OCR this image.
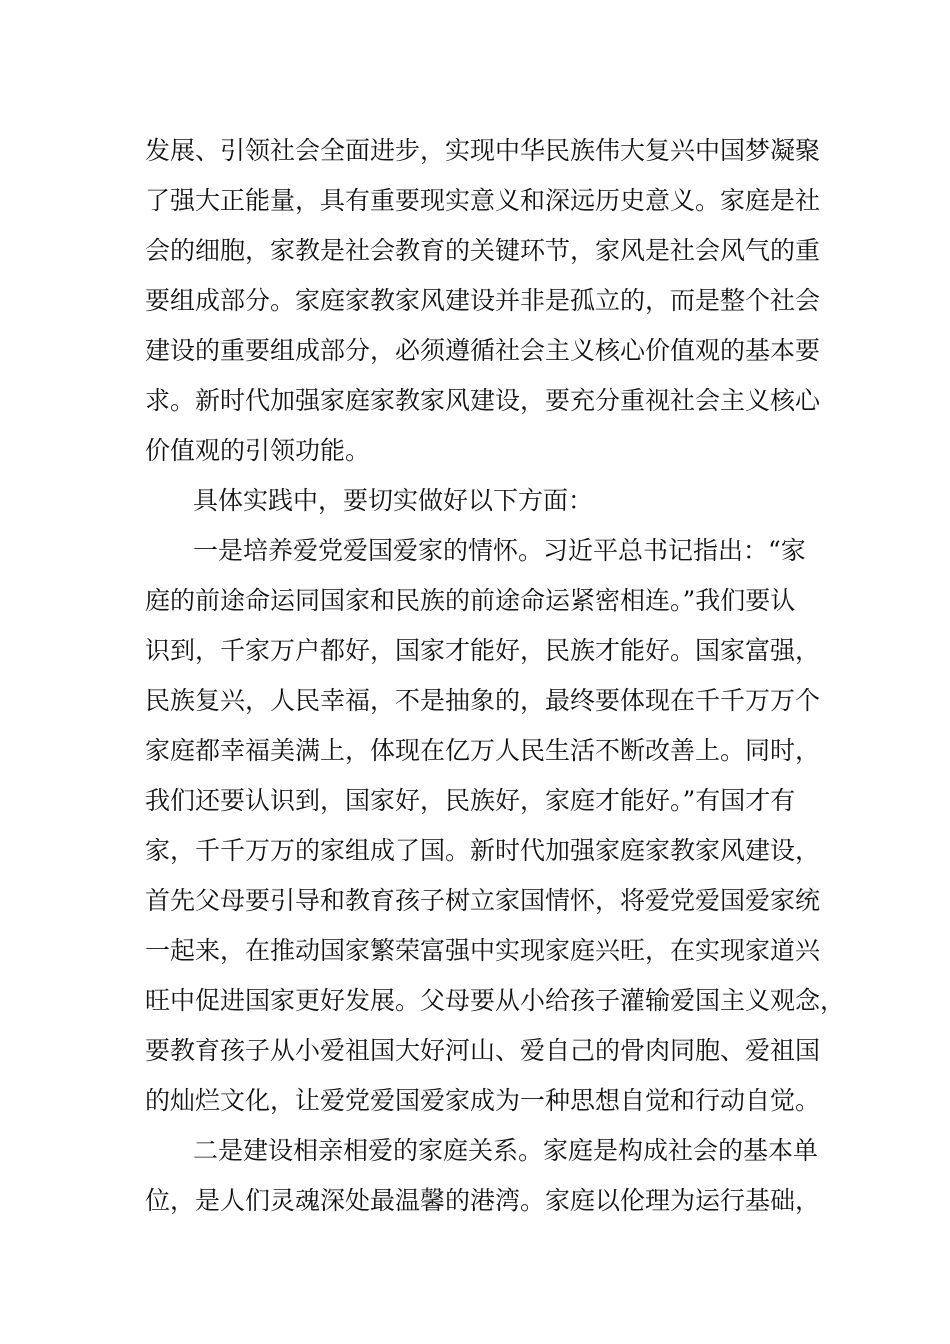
发展、引领社会全面进步，实现中华民族伟大复兴中国梦凝聚
了强大正能量，具有重要现实意义和深远历史意义。家庭是社
会的细胞，家教是社会教育的关键环节，家风是社会风气的重
要组成部分。家庭家教家风建设并非是孤立的，而是整个社会
建设的重要组成部分，必须遵循社会主义核心价值观的基本要
求。新时代加强家庭家教家风建设，要充分重视社会主义核心
价值观的引领功能。
具体实践中，要切实做好以下方面：
一是培养爱党爱国爱家的情怀。习近平总书记指出：“家
庭的前途命运同国家和民族的前途命运紧密相连。”我们要认
识到，千家万户都好，国家才能好，民族才能好。国家富强，
民族复兴，人民幸福，不是抽象的，最终要体现在千千万万个
家庭都幸福美满上，体现在亿万人民生活不断改善上。同时，
我们还要认识到，国家好，民族好，家庭才能好。”有国才有
家，千千万万的家组成了国。新时代加强家庭家教家风建设，
首先父母要引导和教育孩子树立家国情怀，将爱党爱国爱家统
一起来，在推动国家繁荣富强中实现家庭兴旺，在实现家道兴
旺中促进国家更好发展。父母要从小给孩子灌输爱国主义观念，
要教育孩子从小爱祖国大好河山、爱自己的骨肉同胞、爱祖国
的灿烂文化，让爱党爱国爱家成为一种思想自觉和行动自觉。
二是建设相亲相爱的家庭关系。家庭是构成社会的基本单
位，是人们灵魂深处最温馨的港湾。家庭以伦理为运行基础，
